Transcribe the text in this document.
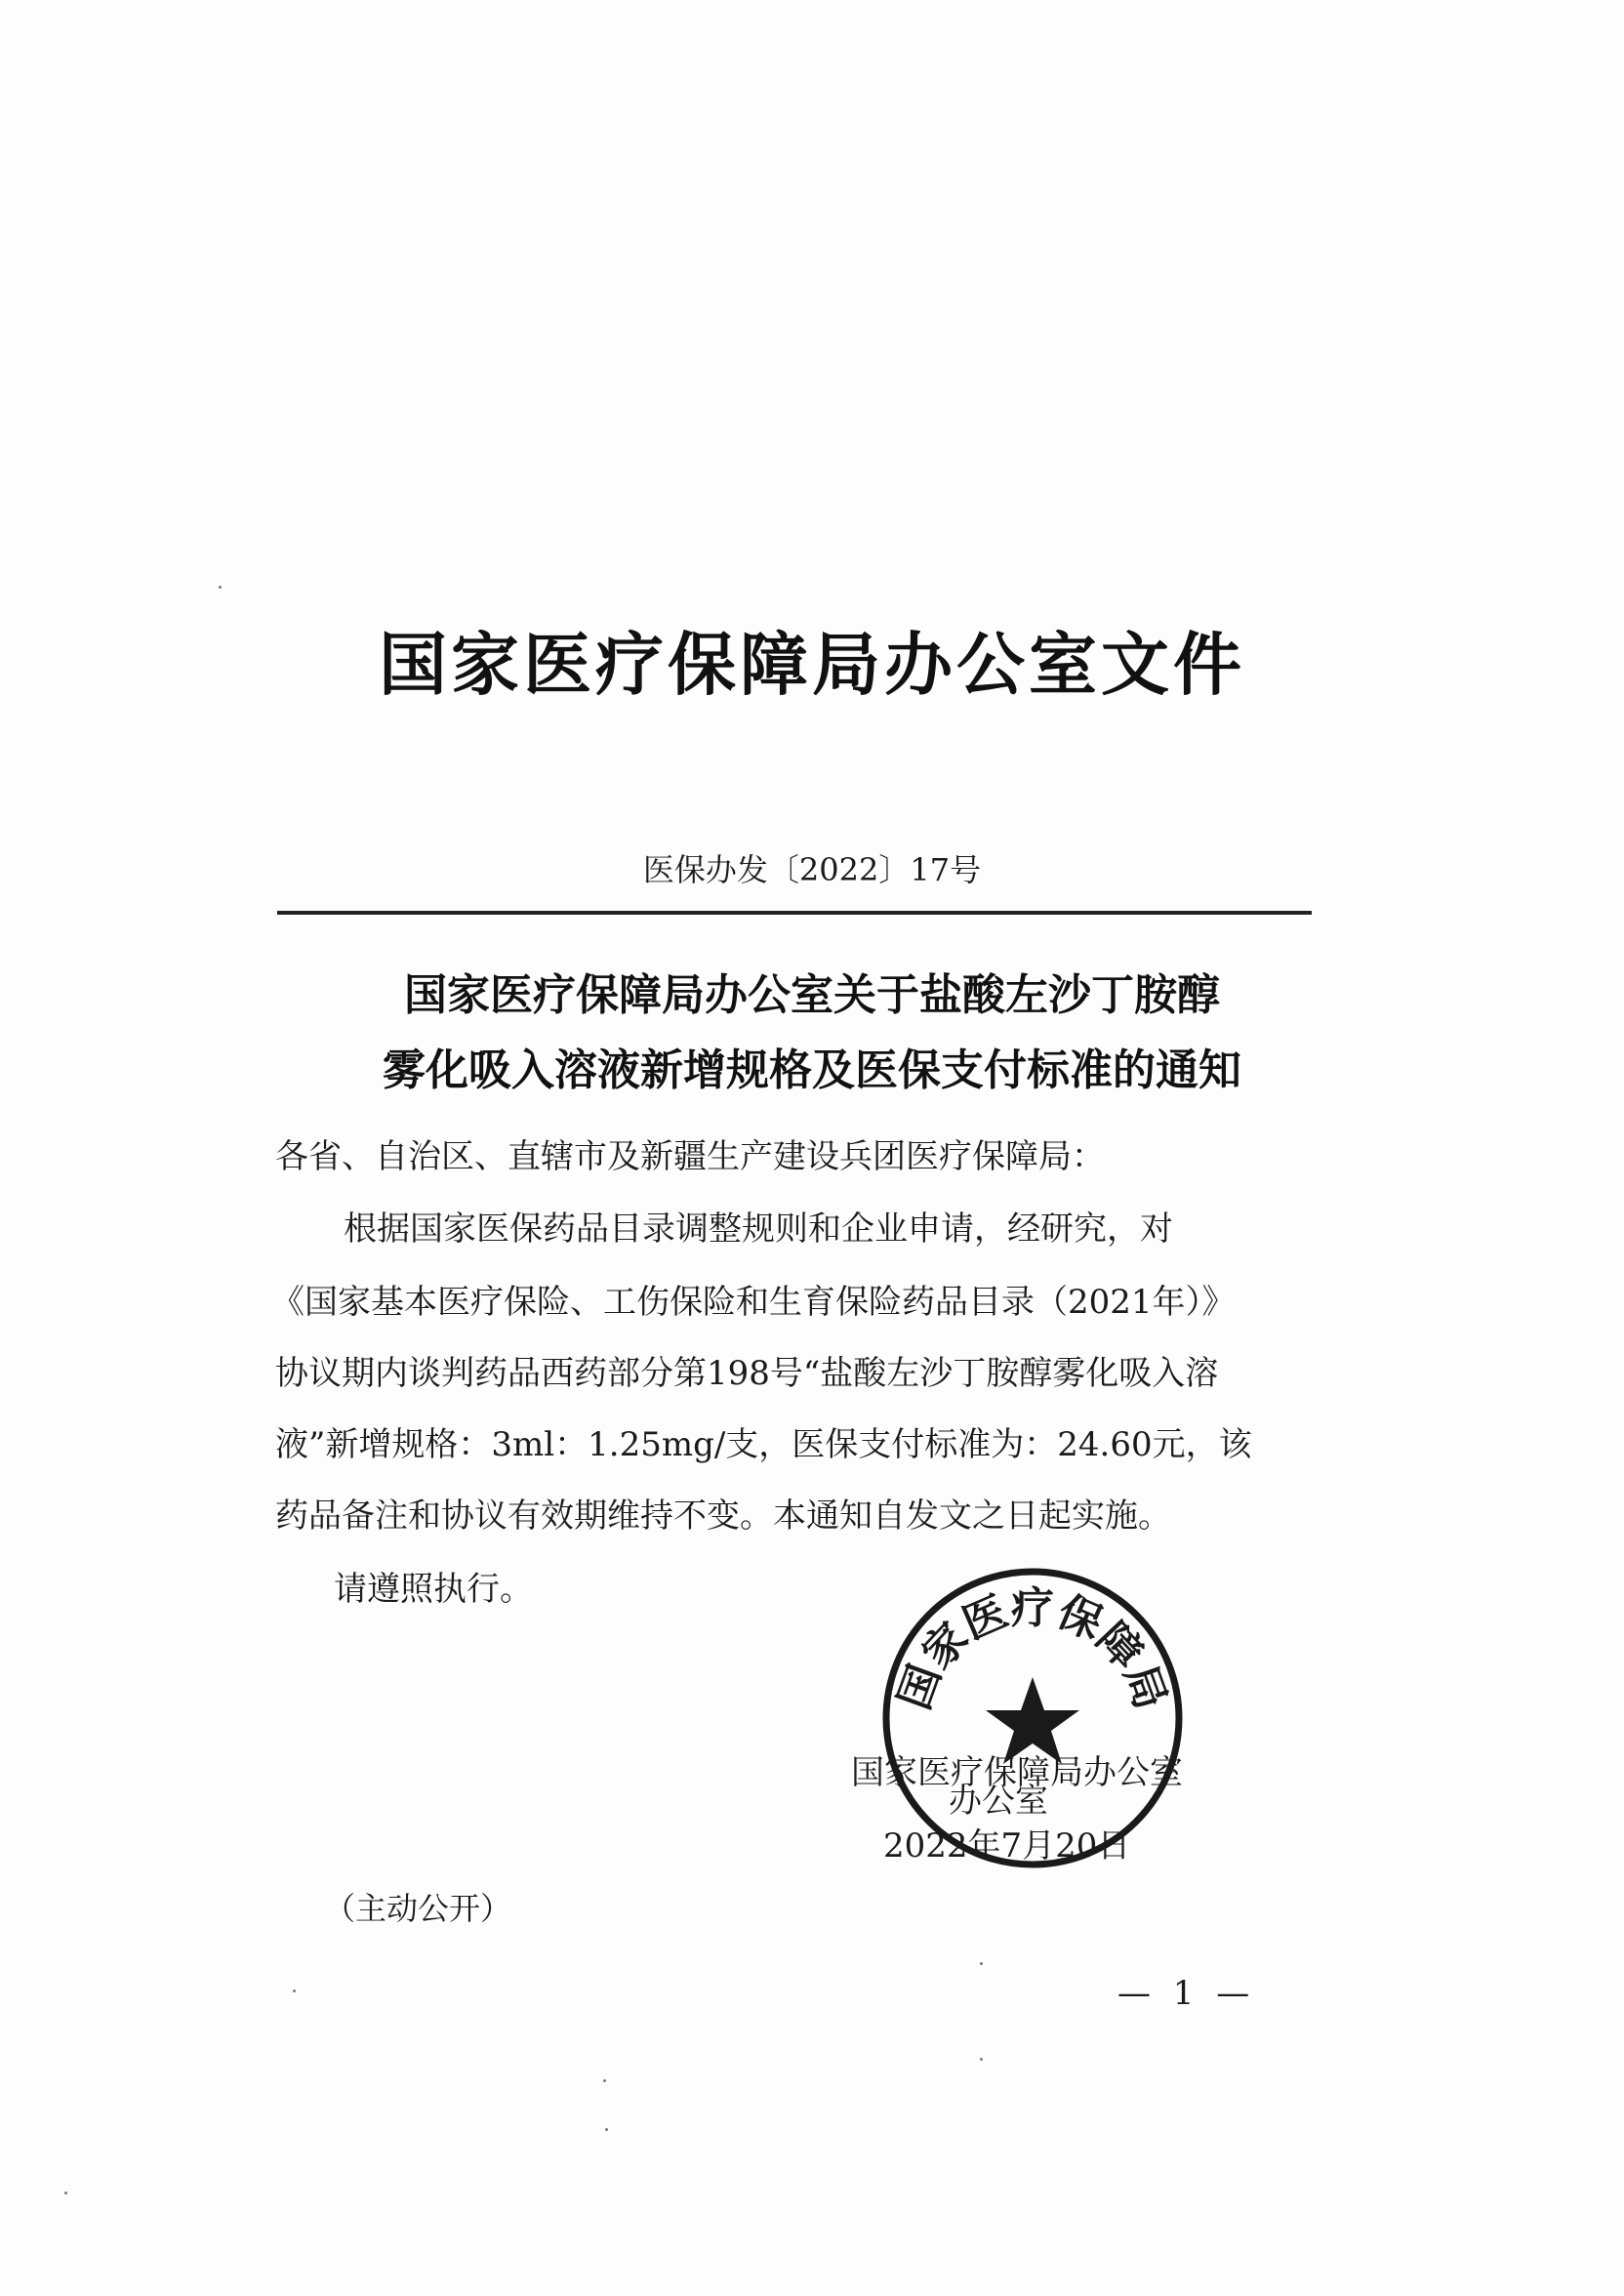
国家医疗保障局办公室文件
医保办发〔2022〕17号
国家医疗保障局办公室关于盐酸左沙丁胺醇
雾化吸入溶液新增规格及医保支付标准的通知
各省、自治区、直辖市及新疆生产建设兵团医疗保障局：
根据国家医保药品目录调整规则和企业申请，经研究，对
《国家基本医疗保险、工伤保险和生育保险药品目录（2021年）》
协议期内谈判药品西药部分第198号“盐酸左沙丁胺醇雾化吸入溶
液”新增规格：3ml：1.25mg/支，医保支付标准为：24.60元，该
药品备注和协议有效期维持不变。本通知自发文之日起实施。
请遵照执行。
国家医疗保障局
国家医疗保障局办公室
办公室
2022年7月20日
（主动公开）
— 1 —
